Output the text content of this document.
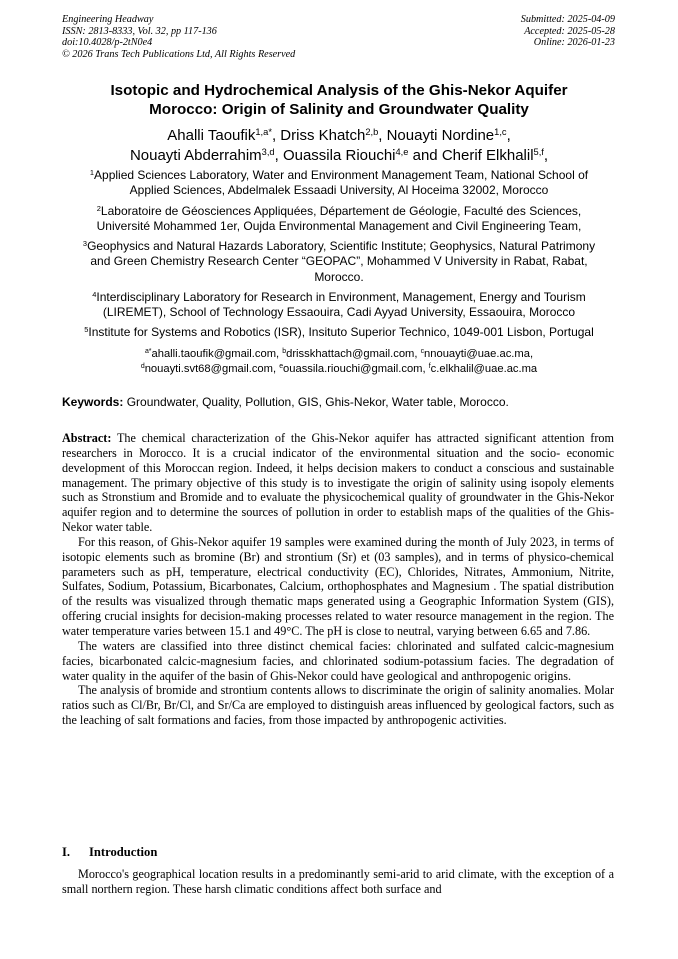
Engineering Headway
ISSN: 2813-8333, Vol. 32, pp 117-136
doi:10.4028/p-2tN0e4
© 2026 Trans Tech Publications Ltd, All Rights Reserved
Submitted: 2025-04-09
Accepted: 2025-05-28
Online: 2026-01-23
Isotopic and Hydrochemical Analysis of the Ghis-Nekor Aquifer
Morocco: Origin of Salinity and Groundwater Quality
Ahalli Taoufik$^{1,a*}$, Driss Khatch$^{2,b}$, Nouayti Nordine$^{1,c}$,
Nouayti Abderrahim$^{3,d}$, Ouassila Riouchi$^{4,e}$ and Cherif Elkhalil$^{5,f}$,
$^1$Applied Sciences Laboratory, Water and Environment Management Team, National School of
Applied Sciences, Abdelmalek Essaadi University, Al Hoceima 32002, Morocco
$^2$Laboratoire de Géosciences Appliquées, Département de Géologie, Faculté des Sciences,
Université Mohammed 1er, Oujda Environmental Management and Civil Engineering Team,
$^3$Geophysics and Natural Hazards Laboratory, Scientific Institute; Geophysics, Natural Patrimony
and Green Chemistry Research Center “GEOPAC”, Mohammed V University in Rabat, Rabat,
Morocco.
$^4$Interdisciplinary Laboratory for Research in Environment, Management, Energy and Tourism
(LIREMET), School of Technology Essaouira, Cadi Ayyad University, Essaouira, Morocco
$^5$Institute for Systems and Robotics (ISR), Insituto Superior Technico, 1049-001 Lisbon, Portugal
$^{a*}$ahalli.taoufik@gmail.com, $^b$drisskhattach@gmail.com, $^c$nnouayti@uae.ac.ma,
$^d$nouayti.svt68@gmail.com, $^e$ouassila.riouchi@gmail.com, $^f$c.elkhalil@uae.ac.ma
Keywords: Groundwater, Quality, Pollution, GIS, Ghis-Nekor, Water table, Morocco.

Abstract: The chemical characterization of the Ghis-Nekor aquifer has attracted significant attention from researchers in Morocco. It is a crucial indicator of the environmental situation and the socio- economic development of this Moroccan region. Indeed, it helps decision makers to conduct a conscious and sustainable management. The primary objective of this study is to investigate the origin of salinity using isopoly elements such as Stronstium and Bromide and to evaluate the physicochemical quality of groundwater in the Ghis-Nekor aquifer region and to determine the sources of pollution in order to establish maps of the qualities of the Ghis-Nekor water table.

For this reason, of Ghis-Nekor aquifer 19 samples were examined during the month of July 2023, in terms of isotopic elements such as bromine (Br) and strontium (Sr) et (03 samples), and in terms of physico-chemical parameters such as pH, temperature, electrical conductivity (EC), Chlorides, Nitrates, Ammonium, Nitrite, Sulfates, Sodium, Potassium, Bicarbonates, Calcium, orthophosphates and Magnesium . The spatial distribution of the results was visualized through thematic maps generated using a Geographic Information System (GIS), offering crucial insights for decision-making processes related to water resource management in the region. The water temperature varies between 15.1 and 49°C. The pH is close to neutral, varying between 6.65 and 7.86.

The waters are classified into three distinct chemical facies: chlorinated and sulfated calcic-magnesium facies, bicarbonated calcic-magnesium facies, and chlorinated sodium-potassium facies. The degradation of water quality in the aquifer of the basin of Ghis-Nekor could have geological and anthropogenic origins.

The analysis of bromide and strontium contents allows to discriminate the origin of salinity anomalies. Molar ratios such as Cl/Br, Br/Cl, and Sr/Ca are employed to distinguish areas influenced by geological factors, such as the leaching of salt formations and facies, from those impacted by anthropogenic activities.

I. Introduction
Morocco's geographical location results in a predominantly semi-arid to arid climate, with the exception of a small northern region. These harsh climatic conditions affect both surface and
